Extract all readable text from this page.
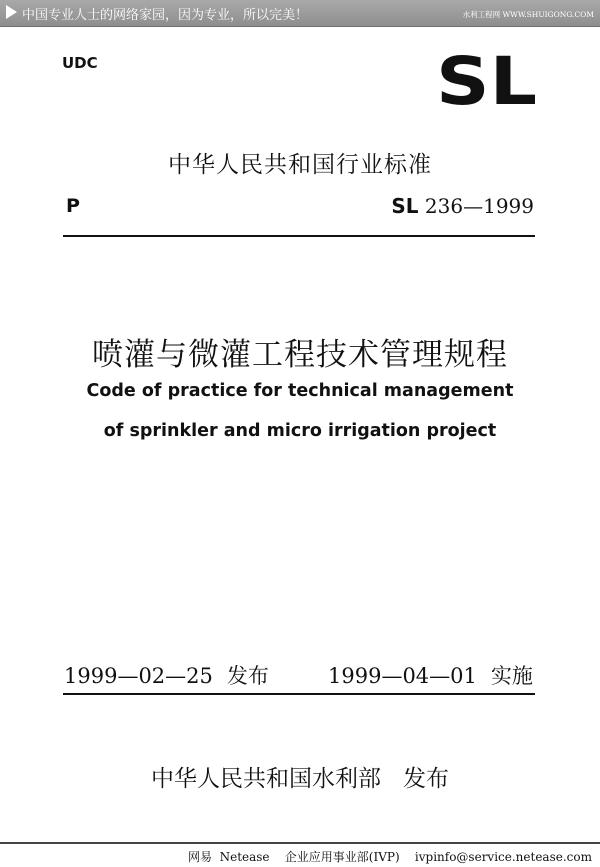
中国专业人士的网络家园，因为专业，所以完美！	水利工程网 WWW.SHUIGONG.COM
UDC	SL
中华人民共和国行业标准
P	SL 236—1999
喷灌与微灌工程技术管理规程
Code of practice for technical management
of sprinkler and micro irrigation project
1999—02—25 发布	1999—04—01 实施
中华人民共和国水利部   发布
网易  Netease    企业应用事业部(IVP)    ivpinfo@service.netease.com
